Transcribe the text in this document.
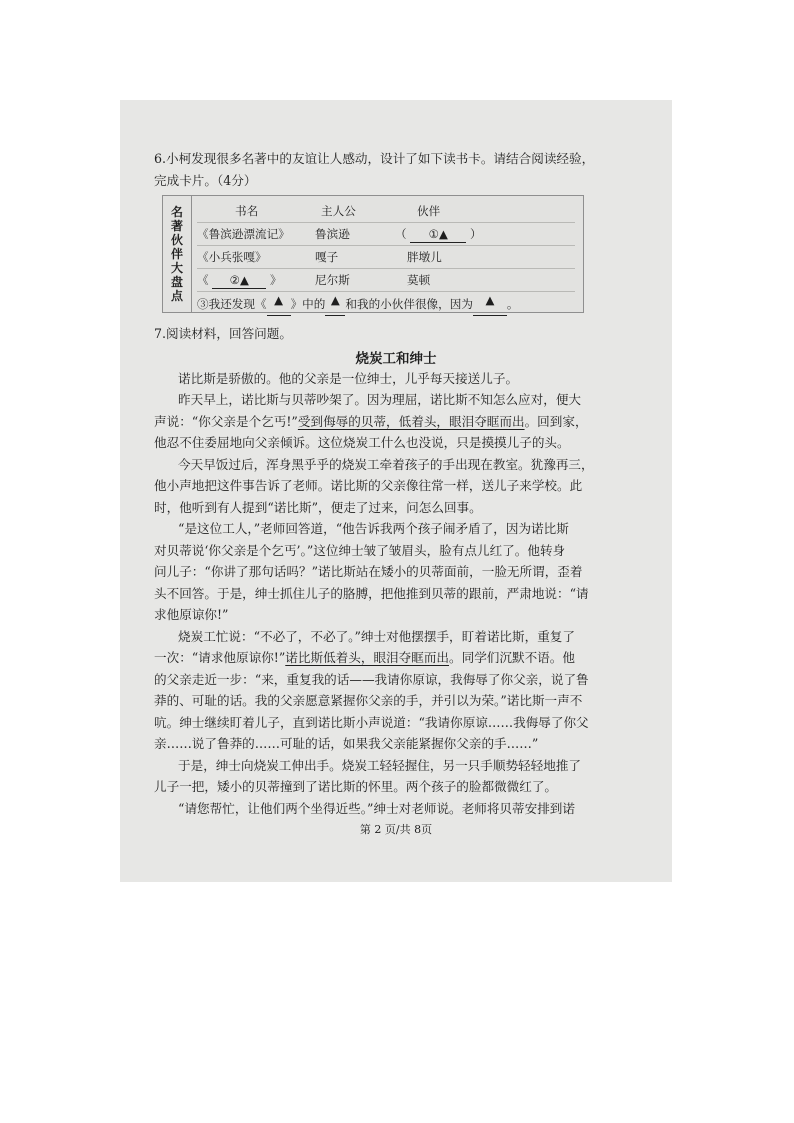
6.小柯发现很多名著中的友谊让人感动，设计了如下读书卡。请结合阅读经验，
完成卡片。（4分）
名
著
伙
伴
大
盘
点
书名	主人公	伙伴
《鲁滨逊漂流记》	鲁滨逊	（ ①▲ ）
《小兵张嘎》	嘎子	胖墩儿
《 ②▲ 》	尼尔斯	莫顿
③我还发现《 ▲ 》中的 ▲ 和我的小伙伴很像，因为	▲	。
7.阅读材料，回答问题。
烧炭工和绅士
诺比斯是骄傲的。他的父亲是一位绅士，儿乎每天接送儿子。
昨天早上，诺比斯与贝蒂吵架了。因为理屈，诺比斯不知怎么应对，便大
声说：“你父亲是个乞丐!”受到侮辱的贝蒂，低着头，眼泪夺眶而出。回到家，
他忍不住委屈地向父亲倾诉。这位烧炭工什么也没说，只是摸摸儿子的头。
今天早饭过后，浑身黑乎乎的烧炭工牵着孩子的手出现在教室。犹豫再三，
他小声地把这件事告诉了老师。诺比斯的父亲像往常一样，送儿子来学校。此
时，他听到有人提到“诺比斯”，便走了过来，问怎么回事。
“是这位工人，”老师回答道，“他告诉我两个孩子闹矛盾了，因为诺比斯
对贝蒂说‘你父亲是个乞丐’。”这位绅士皱了皱眉头，脸有点儿红了。他转身
问儿子：“你讲了那句话吗？”诺比斯站在矮小的贝蒂面前，一脸无所谓，歪着
头不回答。于是，绅士抓住儿子的胳膊，把他推到贝蒂的跟前，严肃地说：“请
求他原谅你!”
烧炭工忙说：“不必了，不必了。”绅士对他摆摆手，盯着诺比斯，重复了
一次：“请求他原谅你!”诺比斯低着头，眼泪夺眶而出。同学们沉默不语。他
的父亲走近一步：“来，重复我的话——我请你原谅，我侮辱了你父亲，说了鲁
莽的、可耻的话。我的父亲愿意紧握你父亲的手，并引以为荣。”诺比斯一声不
吭。绅士继续盯着儿子，直到诺比斯小声说道：“我请你原谅……我侮辱了你父
亲……说了鲁莽的……可耻的话，如果我父亲能紧握你父亲的手……”
于是，绅士向烧炭工伸出手。烧炭工轻轻握住，另一只手顺势轻轻地推了
儿子一把，矮小的贝蒂撞到了诺比斯的怀里。两个孩子的脸都微微红了。
“请您帮忙，让他们两个坐得近些。”绅士对老师说。老师将贝蒂安排到诺
第 2 页/共 8页
